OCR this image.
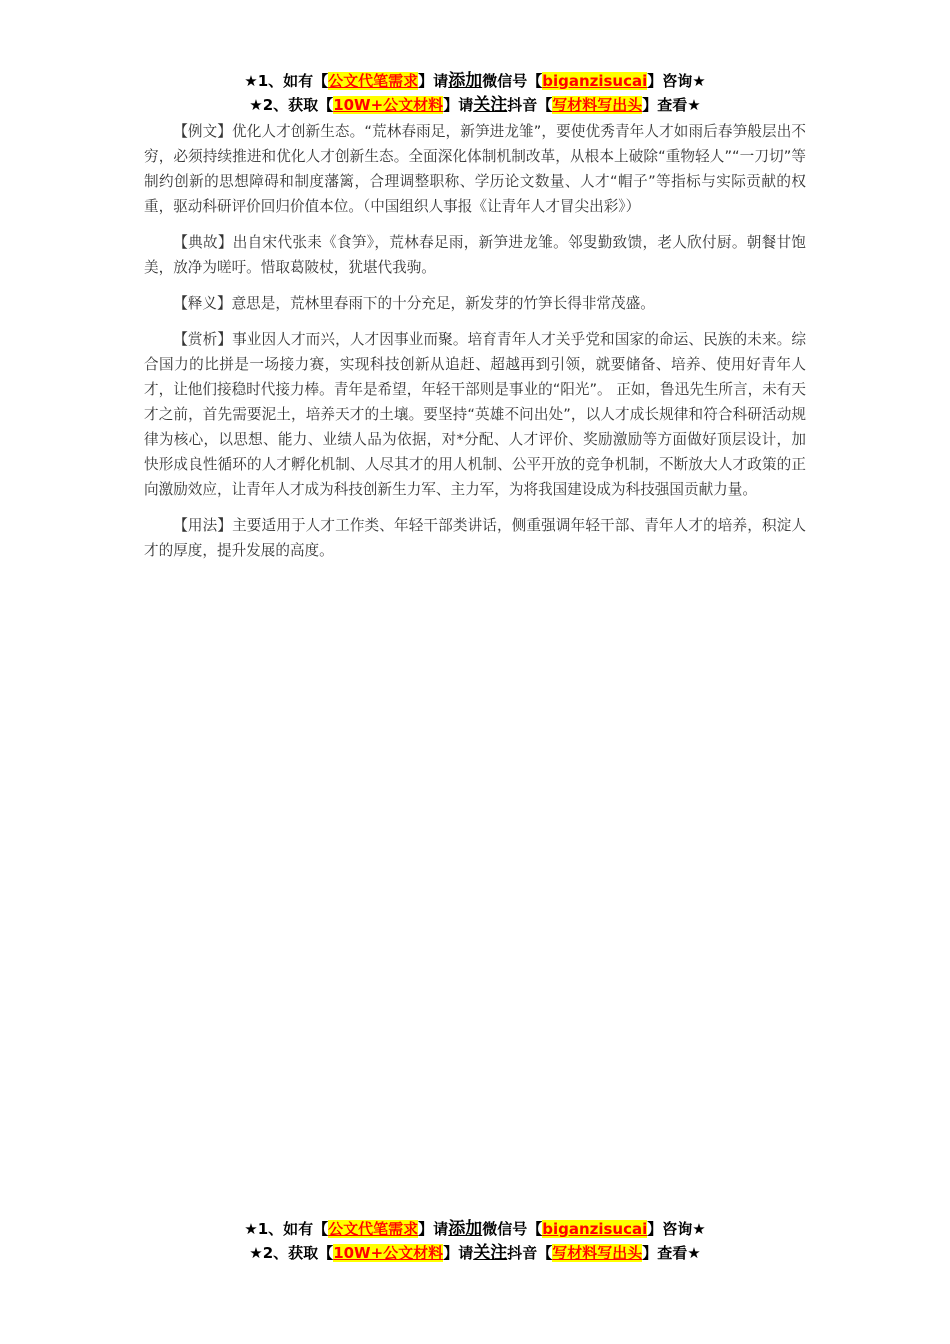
★1、如有【公文代笔需求】请添加微信号【biganzisucai】咨询★
★2、获取【10W+公文材料】请关注抖音【写材料写出头】查看★

【例文】优化人才创新生态。“荒林春雨足，新笋进龙雏”，要使优秀青年人才如雨后春笋般层出不穷，必须持续推进和优化人才创新生态。全面深化体制机制改革，从根本上破除“重物轻人”“一刀切”等制约创新的思想障碍和制度藩篱，合理调整职称、学历论文数量、人才“帽子”等指标与实际贡献的权重，驱动科研评价回归价值本位。（中国组织人事报《让青年人才冒尖出彩》）

【典故】出自宋代张耒《食笋》，荒林春足雨，新笋进龙雏。邻叟勤致馈，老人欣付厨。朝餐甘饱美，放净为嗟吁。惜取葛陂杖，犹堪代我驹。

【释义】意思是，荒林里春雨下的十分充足，新发芽的竹笋长得非常茂盛。

【赏析】事业因人才而兴，人才因事业而聚。培育青年人才关乎党和国家的命运、民族的未来。综合国力的比拼是一场接力赛，实现科技创新从追赶、超越再到引领，就要储备、培养、使用好青年人才，让他们接稳时代接力棒。青年是希望，年轻干部则是事业的“阳光”。 正如，鲁迅先生所言，未有天才之前，首先需要泥土，培养天才的土壤。要坚持“英雄不问出处”，以人才成长规律和符合科研活动规律为核心，以思想、能力、业绩人品为依据，对*分配、人才评价、奖励激励等方面做好顶层设计，加快形成良性循环的人才孵化机制、人尽其才的用人机制、公平开放的竞争机制，不断放大人才政策的正向激励效应，让青年人才成为科技创新生力军、主力军，为将我国建设成为科技强国贡献力量。

【用法】主要适用于人才工作类、年轻干部类讲话，侧重强调年轻干部、青年人才的培养，积淀人才的厚度，提升发展的高度。

★1、如有【公文代笔需求】请添加微信号【biganzisucai】咨询★
★2、获取【10W+公文材料】请关注抖音【写材料写出头】查看★
